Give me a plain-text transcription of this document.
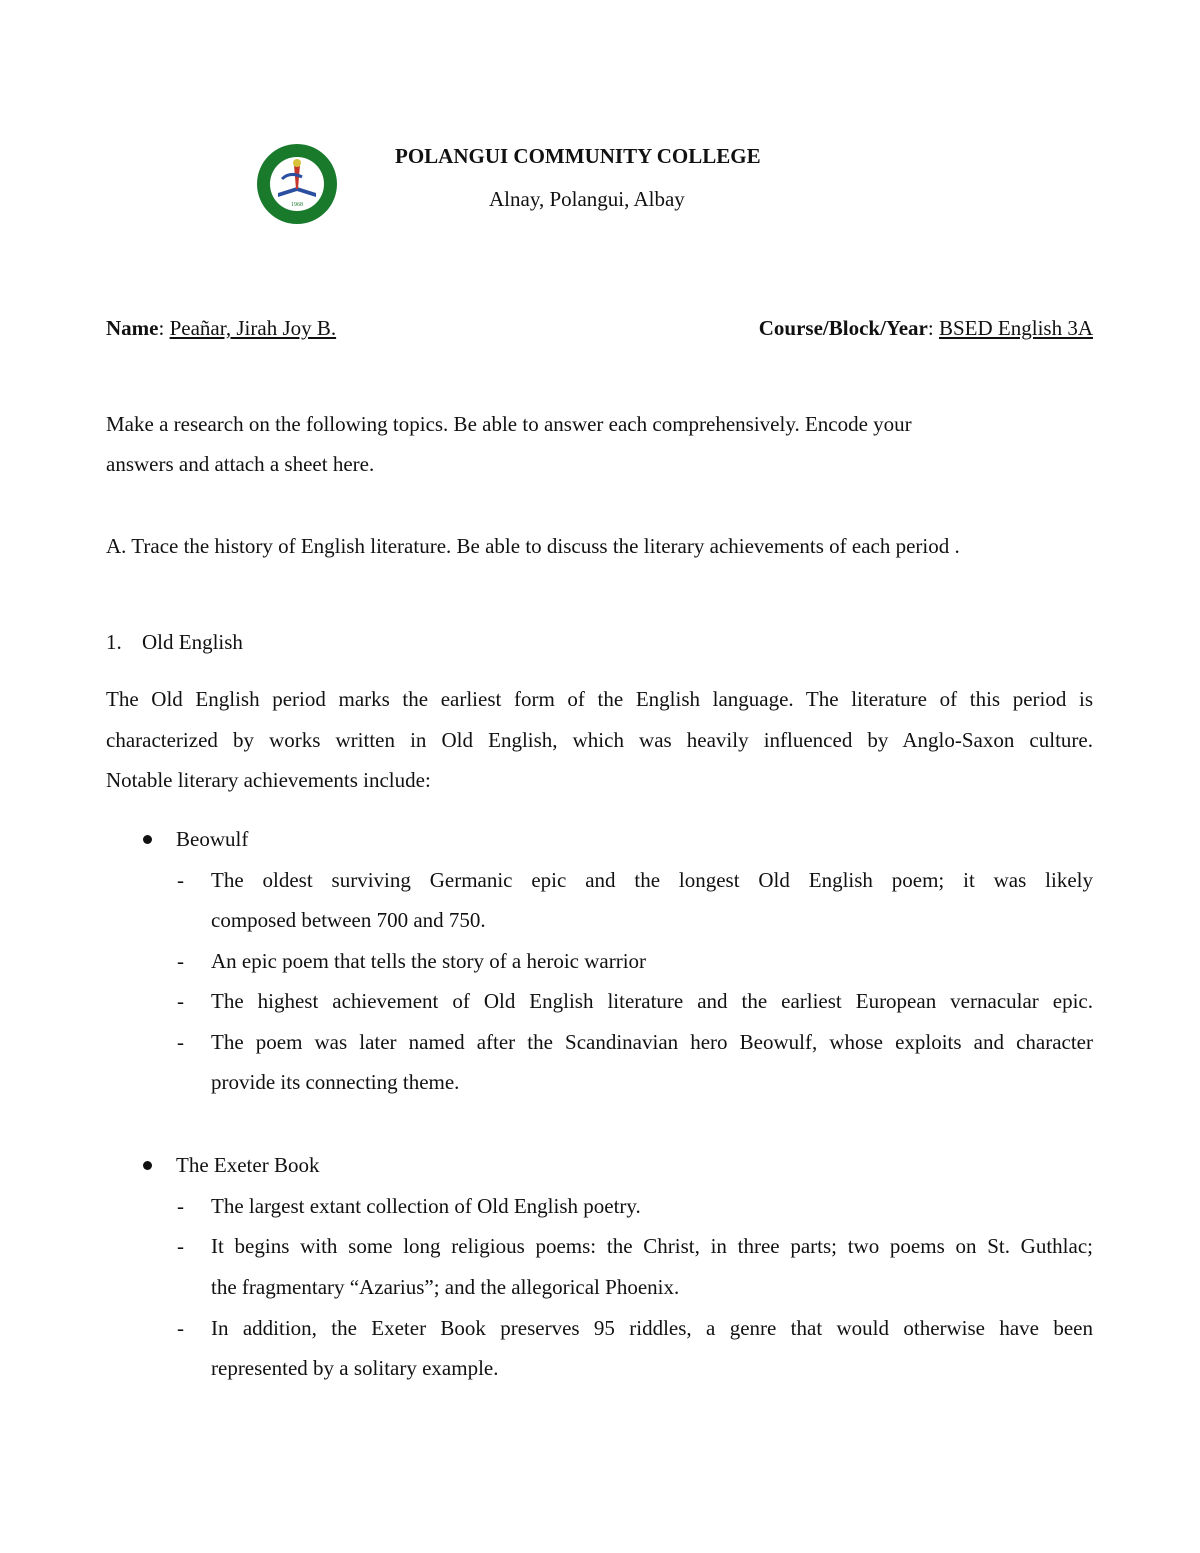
1968
POLANGUI COMMUNITY COLLEGE
Alnay, Polangui, Albay
Name: Peañar, Jirah Joy B.	Course/Block/Year: BSED English 3A
Make a research on the following topics. Be able to answer each comprehensively. Encode your
answers and attach a sheet here.
A. Trace the history of English literature. Be able to discuss the literary achievements of each period .
1. Old English
The Old English period marks the earliest form of the English language. The literature of this period is
characterized by works written in Old English, which was heavily influenced by Anglo-Saxon culture.
Notable literary achievements include:
Beowulf
- The oldest surviving Germanic epic and the longest Old English poem; it was likely
composed between 700 and 750.
- An epic poem that tells the story of a heroic warrior
- The highest achievement of Old English literature and the earliest European vernacular epic.
- The poem was later named after the Scandinavian hero Beowulf, whose exploits and character
provide its connecting theme.
The Exeter Book
- The largest extant collection of Old English poetry.
- It begins with some long religious poems: the Christ, in three parts; two poems on St. Guthlac;
the fragmentary “Azarius”; and the allegorical Phoenix.
- In addition, the Exeter Book preserves 95 riddles, a genre that would otherwise have been
represented by a solitary example.
